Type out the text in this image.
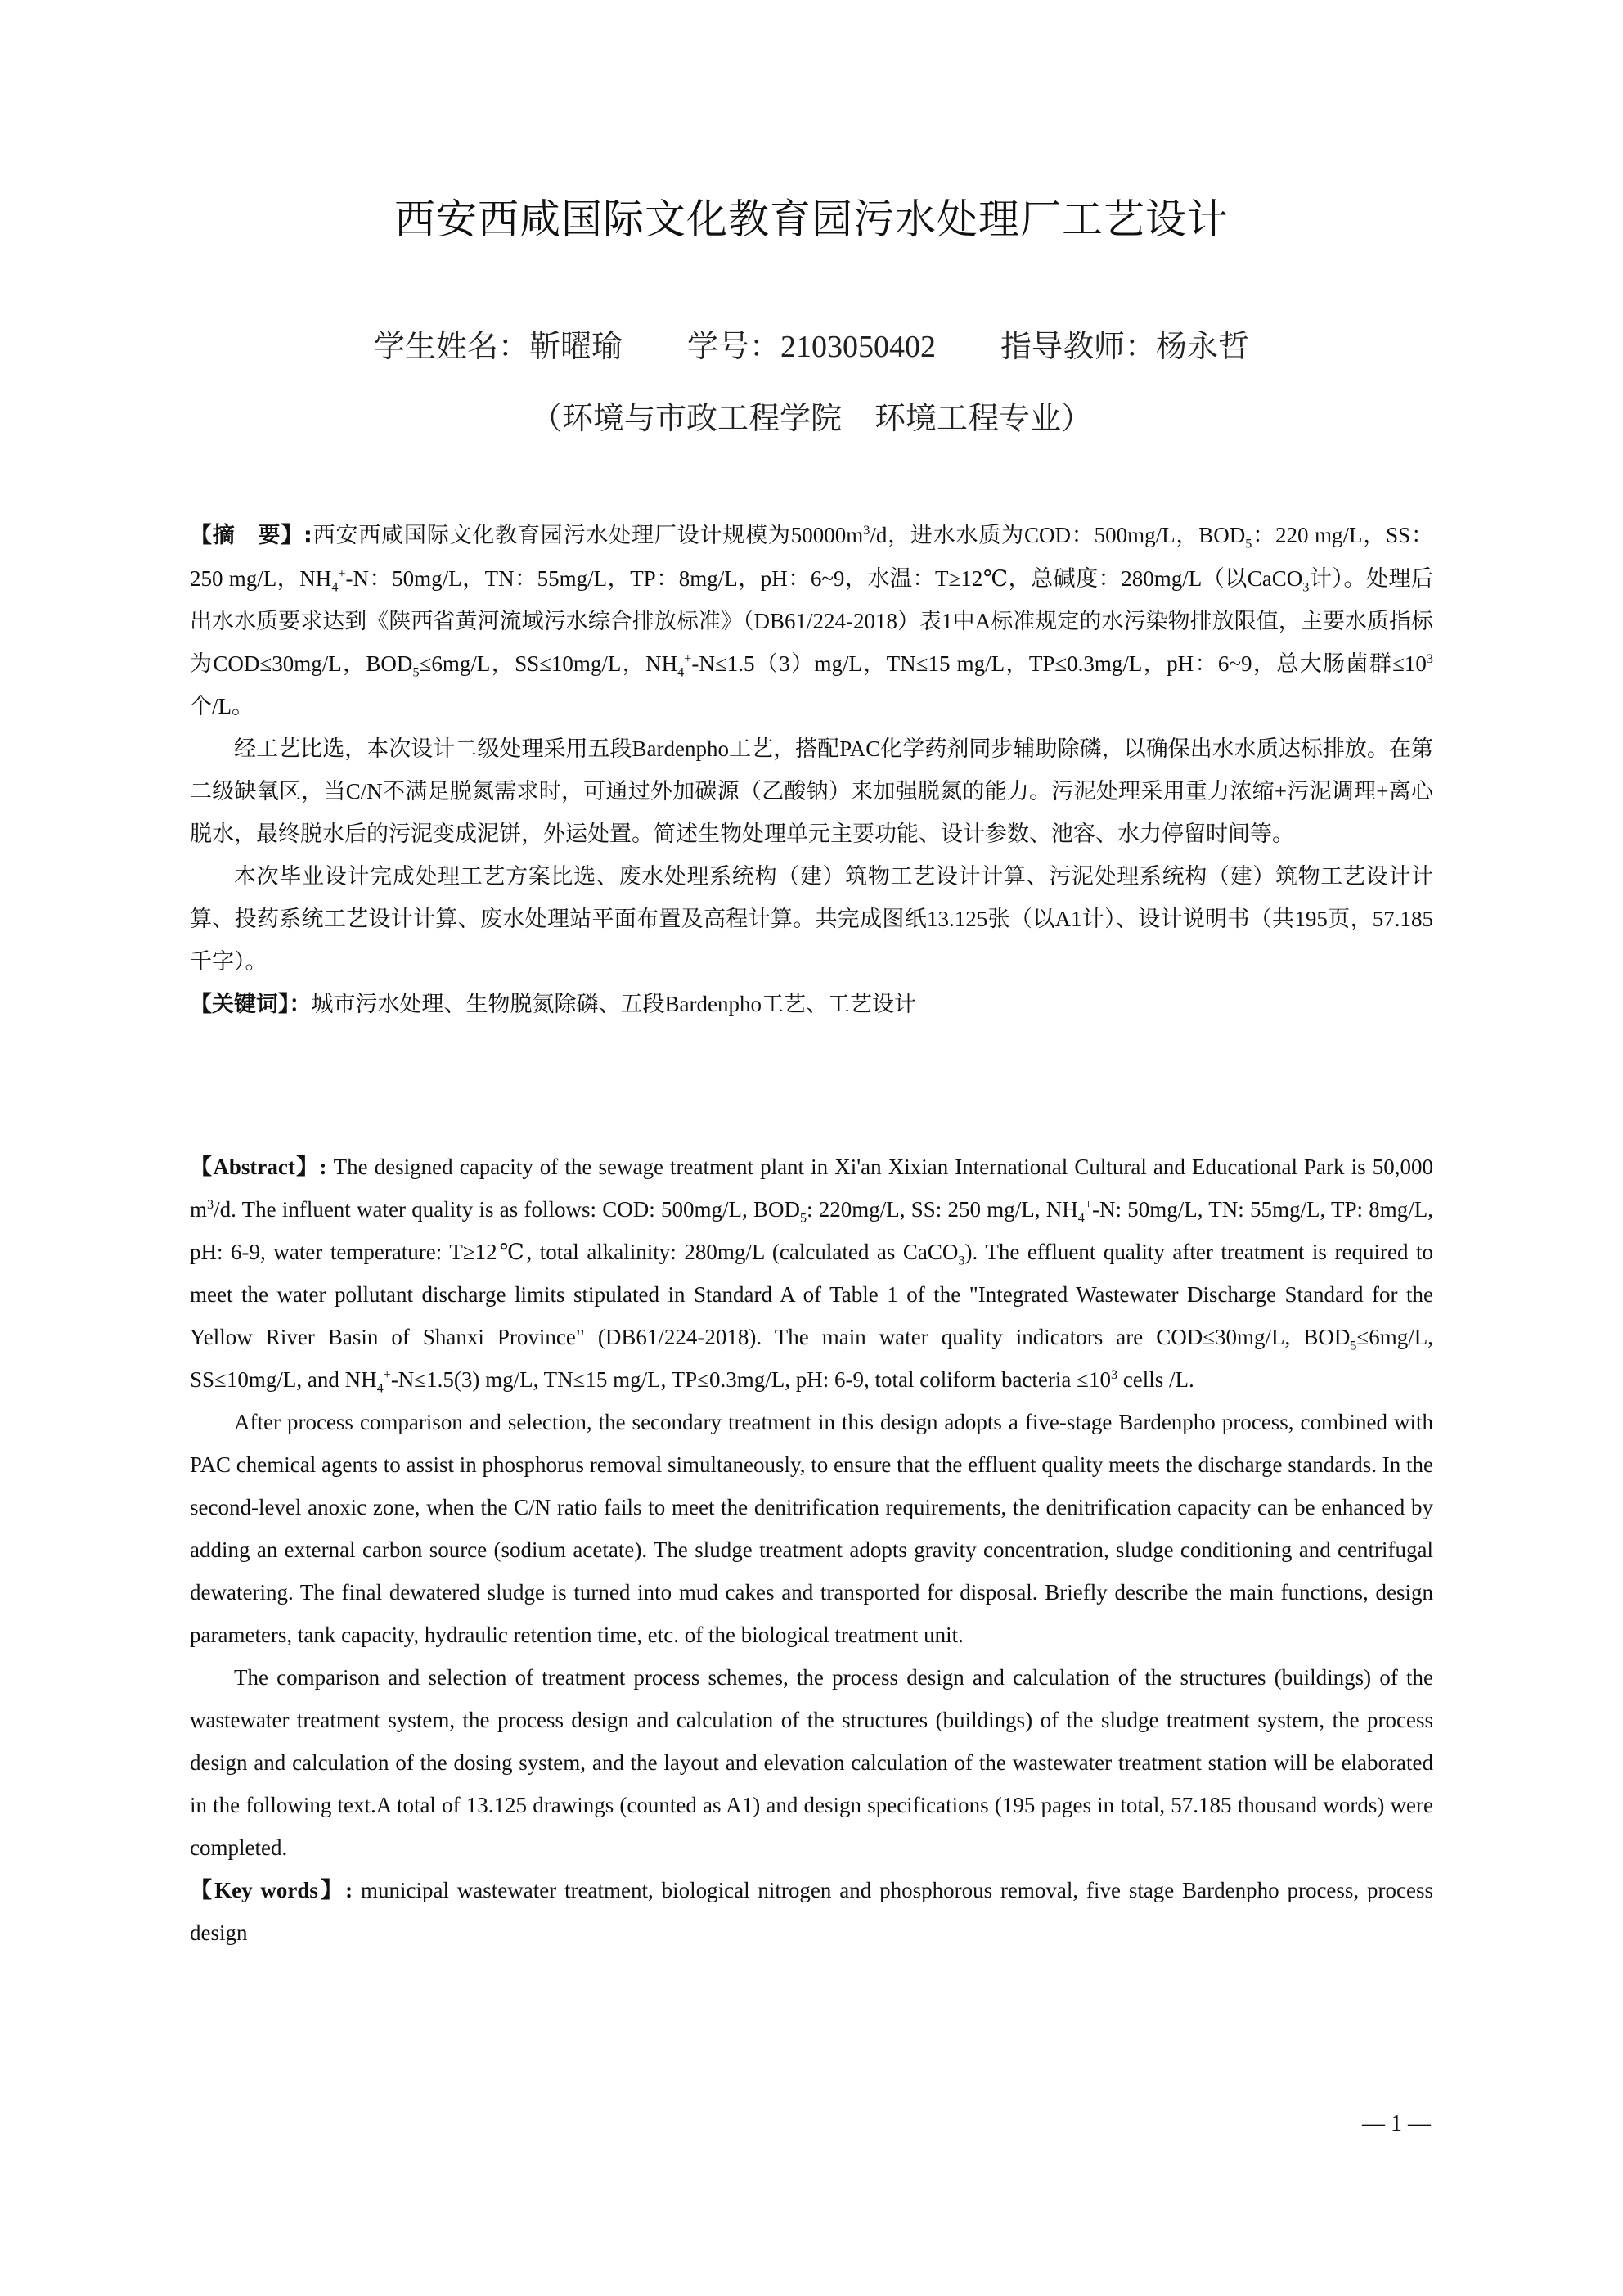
西安西咸国际文化教育园污水处理厂工艺设计
学生姓名：靳曜瑜 学号：2103050402 指导教师：杨永哲
（环境与市政工程学院 环境工程专业）

【摘　要】:西安西咸国际文化教育园污水处理厂设计规模为$50000m^3/d$，进水水质为COD：500mg/L，$BOD_5$：220 mg/L，SS：250 mg/L，$NH_4^+-N$：50mg/L，TN：55mg/L，TP：8mg/L，pH：6~9，水温：T≥12℃，总碱度：280mg/L（以CaCO$_3$计）。处理后出水水质要求达到《陕西省黄河流域污水综合排放标准》（DB61/224-2018）表1中A标准规定的水污染物排放限值，主要水质指标为COD≤30mg/L，$BOD_5\le 6mg/L$，SS≤10mg/L，$NH_4^+-N\le 1.5(3)mg/L$，TN≤15 mg/L，TP≤0.3mg/L，pH：6~9，总大肠菌群$\le 10^3$个/L。

经工艺比选，本次设计二级处理采用五段Bardenpho工艺，搭配PAC化学药剂同步辅助除磷，以确保出水水质达标排放。在第二级缺氧区，当C/N不满足脱氮需求时，可通过外加碳源（乙酸钠）来加强脱氮的能力。污泥处理采用重力浓缩+污泥调理+离心脱水，最终脱水后的污泥变成泥饼，外运处置。简述生物处理单元主要功能、设计参数、池容、水力停留时间等。

本次毕业设计完成处理工艺方案比选、废水处理系统构（建）筑物工艺设计计算、污泥处理系统构（建）筑物工艺设计计算、投药系统工艺设计计算、废水处理站平面布置及高程计算。共完成图纸13.125张（以A1计）、设计说明书（共195页，57.185千字）。

【关键词】：城市污水处理、生物脱氮除磷、五段Bardenpho工艺、工艺设计

【Abstract】: The designed capacity of the sewage treatment plant in Xi'an Xixian International Cultural and Educational Park is 50,000 $m^3/d$. The influent water quality is as follows: COD: 500mg/L, $BOD_5$: 220mg/L, SS: 250 mg/L, $NH_4^+-N$: 50mg/L, TN: 55mg/L, TP: 8mg/L, pH: 6-9, water temperature: T≥12℃, total alkalinity: 280mg/L (calculated as CaCO$_3$). The effluent quality after treatment is required to meet the water pollutant discharge limits stipulated in Standard A of Table 1 of the "Integrated Wastewater Discharge Standard for the Yellow River Basin of Shanxi Province" (DB61/224-2018). The main water quality indicators are COD≤30mg/L, $BOD_5\le 6mg/L$, SS≤10mg/L, and $NH_4^+-N\le 1.5(3)$ mg/L, TN≤15 mg/L, TP≤0.3mg/L, pH: 6-9, total coliform bacteria $\le 10^3$ cells /L.

After process comparison and selection, the secondary treatment in this design adopts a five-stage Bardenpho process, combined with PAC chemical agents to assist in phosphorus removal simultaneously, to ensure that the effluent quality meets the discharge standards. In the second-level anoxic zone, when the C/N ratio fails to meet the denitrification requirements, the denitrification capacity can be enhanced by adding an external carbon source (sodium acetate). The sludge treatment adopts gravity concentration, sludge conditioning and centrifugal dewatering. The final dewatered sludge is turned into mud cakes and transported for disposal. Briefly describe the main functions, design parameters, tank capacity, hydraulic retention time, etc. of the biological treatment unit.

The comparison and selection of treatment process schemes, the process design and calculation of the structures (buildings) of the wastewater treatment system, the process design and calculation of the structures (buildings) of the sludge treatment system, the process design and calculation of the dosing system, and the layout and elevation calculation of the wastewater treatment station will be elaborated in the following text.A total of 13.125 drawings (counted as A1) and design specifications (195 pages in total, 57.185 thousand words) were completed.

【Key words】: municipal wastewater treatment, biological nitrogen and phosphorous removal, five stage Bardenpho process, process design

— 1 —
